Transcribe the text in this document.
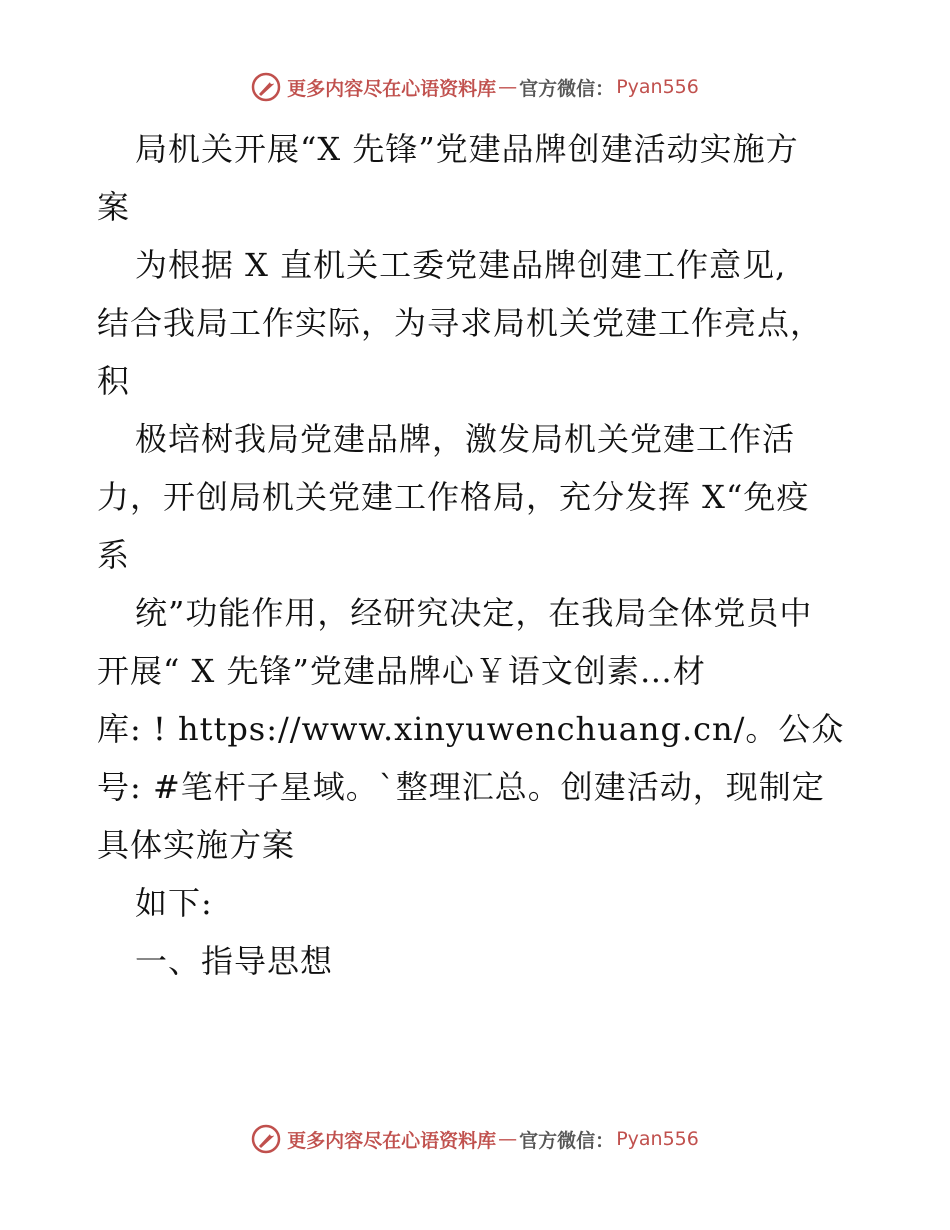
更多内容尽在心语资料库 — 官方微信： Pyan556
局机关开展“X 先锋”党建品牌创建活动实施方
案
为根据 X 直机关工委党建品牌创建工作意见,
结合我局工作实际，为寻求局机关党建工作亮点，
积
极培树我局党建品牌，激发局机关党建工作活
力，开创局机关党建工作格局，充分发挥 X“免疫
系
统”功能作用，经研究决定，在我局全体党员中
开展“ X 先锋”党建品牌心￥语文创素…材
库: ! https://www.xinyuwenchuang.cn/。公众
号: #笔杆子星域。`整理汇总。创建活动，现制定
具体实施方案
如下:
一、指导思想
更多内容尽在心语资料库 — 官方微信： Pyan556
